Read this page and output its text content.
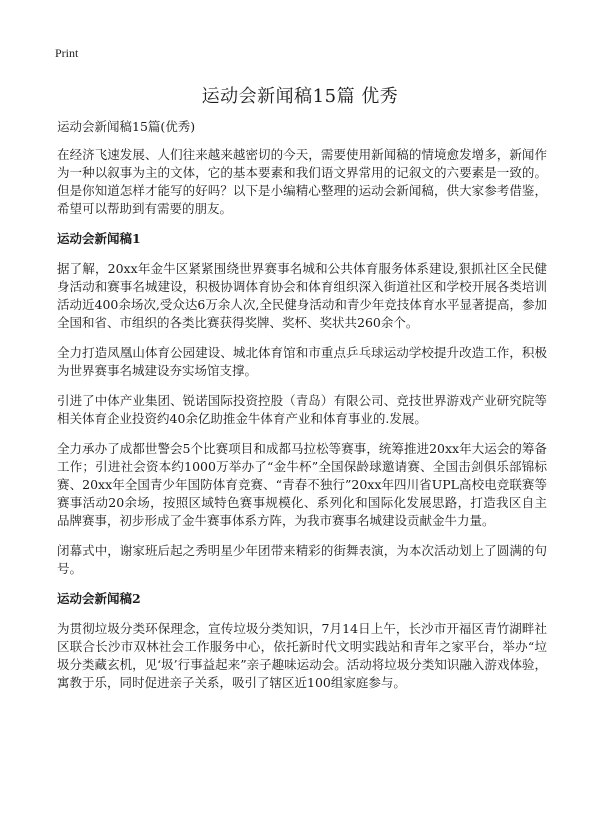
Print
运动会新闻稿15篇 优秀
运动会新闻稿15篇(优秀)

在经济飞速发展、人们往来越来越密切的今天，需要使用新闻稿的情境愈发增多，新闻作为一种以叙事为主的文体，它的基本要素和我们语文界常用的记叙文的六要素是一致的。但是你知道怎样才能写的好吗？以下是小编精心整理的运动会新闻稿，供大家参考借鉴，希望可以帮助到有需要的朋友。

运动会新闻稿1

据了解，20xx年金牛区紧紧围绕世界赛事名城和公共体育服务体系建设,狠抓社区全民健身活动和赛事名城建设，积极协调体育协会和体育组织深入街道社区和学校开展各类培训活动近400余场次,受众达6万余人次,全民健身活动和青少年竞技体育水平显著提高，参加全国和省、市组织的各类比赛获得奖牌、奖杯、奖状共260余个。

全力打造凤凰山体育公园建设、城北体育馆和市重点乒乓球运动学校提升改造工作，积极为世界赛事名城建设夯实场馆支撑。

引进了中体产业集团、锐诺国际投资控股（青岛）有限公司、竞技世界游戏产业研究院等相关体育企业投资约40余亿助推金牛体育产业和体育事业的.发展。

全力承办了成都世警会5个比赛项目和成都马拉松等赛事，统筹推进20xx年大运会的筹备工作；引进社会资本约1000万举办了“金牛杯”全国保龄球邀请赛、全国击剑俱乐部锦标赛、20xx年全国青少年国防体育竞赛、“青春不独行”20xx年四川省UPL高校电竞联赛等赛事活动20余场，按照区域特色赛事规模化、系列化和国际化发展思路，打造我区自主品牌赛事，初步形成了金牛赛事体系方阵，为我市赛事名城建设贡献金牛力量。

闭幕式中，谢家班后起之秀明星少年团带来精彩的街舞表演，为本次活动划上了圆满的句号。

运动会新闻稿2

为贯彻垃圾分类环保理念，宣传垃圾分类知识，7月14日上午，长沙市开福区青竹湖畔社区联合长沙市双林社会工作服务中心，依托新时代文明实践站和青年之家平台，举办“垃圾分类藏玄机，见‘圾’行事益起来”亲子趣味运动会。活动将垃圾分类知识融入游戏体验，寓教于乐，同时促进亲子关系，吸引了辖区近100组家庭参与。
